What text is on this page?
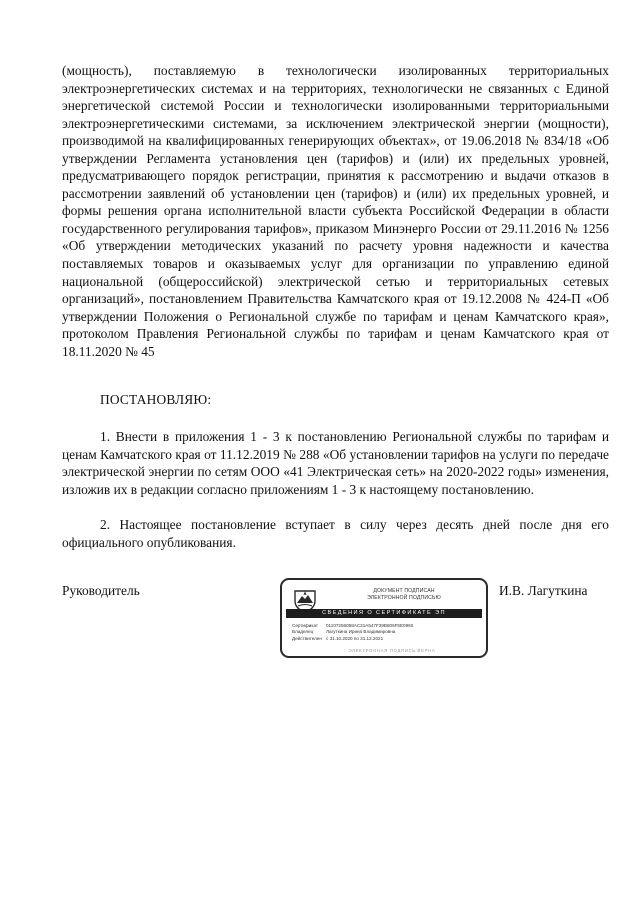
(мощность), поставляемую в технологически изолированных территориальных электроэнергетических системах и на территориях, технологически не связанных с Единой энергетической системой России и технологически изолированными территориальными электроэнергетическими системами, за исключением электрической энергии (мощности), производимой на квалифицированных генерирующих объектах», от 19.06.2018 № 834/18 «Об утверждении Регламента установления цен (тарифов) и (или) их предельных уровней, предусматривающего порядок регистрации, принятия к рассмотрению и выдачи отказов в рассмотрении заявлений об установлении цен (тарифов) и (или) их предельных уровней, и формы решения органа исполнительной власти субъекта Российской Федерации в области государственного регулирования тарифов», приказом Минэнерго России от 29.11.2016 № 1256 «Об утверждении методических указаний по расчету уровня надежности и качества поставляемых товаров и оказываемых услуг для организации по управлению единой национальной (общероссийской) электрической сетью и территориальных сетевых организаций», постановлением Правительства Камчатского края от 19.12.2008 № 424-П «Об утверждении Положения о Региональной службе по тарифам и ценам Камчатского края», протоколом Правления Региональной службы по тарифам и ценам Камчатского края от 18.11.2020 № 45

ПОСТАНОВЛЯЮ:

1. Внести в приложения 1 - 3 к постановлению Региональной службы по тарифам и ценам Камчатского края от 11.12.2019 № 288 «Об установлении тарифов на услуги по передаче электрической энергии по сетям ООО «41 Электрическая сеть» на 2020-2022 годы» изменения, изложив их в редакции согласно приложениям 1 - 3 к настоящему постановлению.

2. Настоящее постановление вступает в силу через десять дней после дня его официального опубликования.

Руководитель	ДОКУМЕНТ ПОДПИСАН
ЭЛЕКТРОННОЙ ПОДПИСЬЮ
СВЕДЕНИЯ О СЕРТИФИКАТЕ ЭП
Сертификат	01107256058AC31A547F39B806F5E0960
Владелец	Лагуткина Ирина Владимировна
Действителен с 31.10.2020 по 31.12.2021
ЭЛЕКТРОННАЯ ПОДПИСЬ ВЕРНА

И.В. Лагуткина
